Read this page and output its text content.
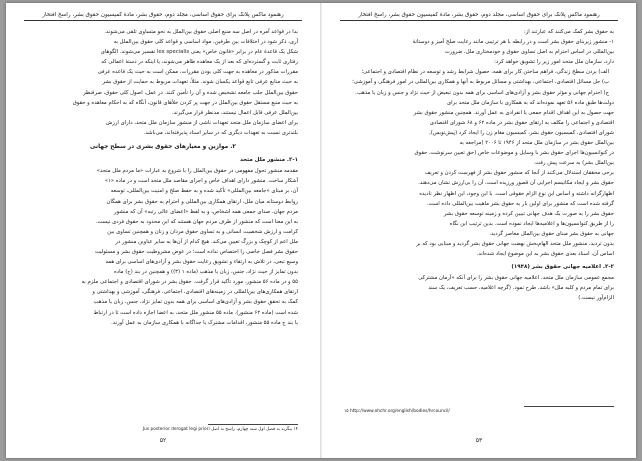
رهنمود ماکس پلانک برای حقوق اساسی، مجلد دوم، حقوق بشر، مادهٔ کمیسیون حقوق بشر، راسخ افتخار

بدا در قواعد آمره در اصل سه منبع اصلی حقوق بین‌الملل به نحو متساوی تلقی می‌شوند.

آری، ذکر شود در اختلافات بین طرفین، مواد اساسی و قواعد کلی حقوق بین‌الملل به

شکل یک قاعدهٔ عام در برابر «قانون خاص» یعنی lex specialis تفسیر می‌شوند. الگوهای

رفتاری ثابت و گسترده‌ای که بعد از یک معاهده ظاهر می‌شوند، یا اینکه در دستهٔ اعمالی که

مقررات مذکور در معاهده به جهت کلی بودن مقررات، ممکن است به حیث یک قاعده عرفی

به حیث منابع عرفی تابع قواعد یکسان شوند. مثلاً، تعهدات مربوط به حمایت از حقوق بشر

حقوق بین‌الملل جلب جامعه تشخیص شده و آن را تأمین کنند. در عمل، اصول کلی حقوق، صرفنظر

به حیث منبع مستقل حقوق بین‌الملل در جهت پر کردن خلأهای قانون، آنگاه که به احکام معاهده و حقوق

بین‌الملل عرفی قابل اعمال نیستند، مدنظر قرار می‌گیرند.

برای اعضای سازمان ملل متحد تعهدات ناشی از منشور سازمان ملل متحد، دارای ارزش

بلندتری نسبت به تعهدات دیگری که در سایر اسناد پذیرفته‌اند، می‌باشد.

۲. موازین و معیارهای حقوق بشری در سطح جهانی

۲-۱. منشور ملل متحد

مقدمه منشور تحول مفهومی در حقوق بین‌الملل را با شروع به عبارات «ما مردم ملل متحد»

آشکار ساخت. منشور دارای اهداف خاص و اجرای مقاصد ملل متحد است و در ماده «۱»

آن، بر مبنای «جامعه بین‌المللی» تأکید شده و به حفظ صلح و امنیت بین‌المللی، توسعه

روابط دوستانه میان ملل، ارتقای همکاری بین‌المللی و احترام به حقوق بشر برای همگان

مردم جهان، صدای جمعی همه اشخاص، و به لفظ «اعضای عالی رتبه» آن که منشور

به این معنا است که منشور از طرف مردم جهان هستند که این محدود به حقوق فردی نیست.

کرامت و ارزش شخصیت انسانی و به تساوی حقوق مردان و زنان و همچنین تساوی بین

ملل اعم از کوچک و بزرگ تعیین می‌کند. هیچ کدام از آن‌ها به سایر عناوین منشور در

حقوق بشر فصل خاصی را اختصاص نداده است؛ در عوض مشروطیت حقوق بشر و مسئولیت

وسیع تبعی، در تلاش به ارتقاء و تشویق رعایت حقوق بشر و آزادی‌های اساسی برای همه

بدون تمایز از حیث نژاد، جنس، زبان یا مذهب (ماده ۱ (۳)) و همچنین در بند (ج) ماده

۵۵ و در ماده ۵۶ منشور، مورد تأکید قرار گرفت. حقوق بشر در شورای اقتصادی و اجتماعی ملزم به

ارتقای همکاری‌های بین‌المللی در زمینه‌های اقتصادی، اجتماعی، فرهنگی، آموزشی و بهداشتی و

کمک به تحقق حقوق بشر و آزادی‌های اساسی برای همه بدون تمایز نژاد، جنس، زبان یا مذهب

شده است (ماده ۶۲ منشور). ماده ۵۵ منشور ملل متحد، به اعضا اجازه داده است تا در ارتباط

با بند ج ماده ۵۵ منشور، اقدامات مشترک یا جداگانه با همکاری سازمان به عمل آورند.

۱۴ بنگرید به فصل اول سند چهارم، راسخ به اصل Jus posterior derogat legi priori
۵۲
رهنمود ماکس پلانک برای حقوق اساسی، مجلد دوم، حقوق بشر، مادهٔ کمیسیون حقوق بشر، راسخ افتخار

به حقوق بشر کمک می‌کنند که عبارتند از:

۱- منشور زیربنای حقوق بشر است و در رابطه با هر ترتیبی مانند رعایت صلح آمیز و دوستانهٔ

بین‌المللی در اساس احترام به اصل تساوی حقوق و خودمختاری ملل، ضرورت

دارد، سازمان ملل متحد امور زیر را تشویق خواهد کرد:

الف) بردن سطح زندگی، فراهم ساختن کار برای همه، حصول شرایط رشد و توسعه در نظام اقتصادی و اجتماعی؛

ب) حل مسائل اقتصادی، اجتماعی، بهداشتی و مسائل مربوط به آنها و همکاری بین‌المللی در امور فرهنگی و آموزشی؛

ج) احترام جهانی و مؤثر حقوق بشر و آزادی‌های اساسی برای همه بدون تبعیض از حیث نژاد و جنس و زبان یا مذهب.

دولت‌ها طبق ماده ۵۶ تعهد نموده‌اند که به همکاری با سازمان ملل متحد برای

جهت حصول به این اهداف اقدام جمعی یا انفرادی به عمل آورند. همچنین منشور حقوق بشر

اقتصادی و اجتماعی را مکلف به ارتقای حقوق بشر در ماده ۶۲ و ۶۸ شورای اقتصادی

شورای اقتصادی، کمیسیون حقوق بشر، کمیسیون مقام زن را ایجاد کرد (پیش‌نویس),

بین‌الملل حقوق بشر در سازمان ملل متحد از ۱۹۴۶ تا ۲۰۰۶ (مراجعه به

در کنوانسیون‌ها اجرای حقوق بشر با وسایل و موضوعات خاص (حق تعیین سرنوشت، حقوق

بین‌الملل بشر) به سرعت پیش رفت.

برخی محققان استدلال می‌کنند از آنجا که منشور حقوق بشر از فهرست کردن و تعریف

حقوق بشر و ایجاد مکانیسم اجرایی آن قصور ورزیده است، آن را بی‌ارزش نشان می‌دهند.

اظهارگرانه داشته و اساس این نوع الزام حقوقی است. با این وجود، این اظهار نظر نادیده

گرفته شده است که منشور برای اولین بار به حقوق بشر ماهیت بین‌المللی داده است.

حقوق بشر را به صورت یک هدف جهانی تبیین کرده و زمینه توسعه حقوق بشر

را از طریق کنوانسیون‌ها و اعلامیه‌ها ایجاد نموده است. بدین ترتیب این نگاه

جهانی به حقوق بشر مبنای حقوق بین‌الملل معاصر گردید.

بدون تردید، منشور ملل متحد الهام‌بخش نهضت جهانی حقوق بشر گردید و مبنایی بود که بر

اساس آن، اسناد بعدی حقوق بشر به این موضوع ایجاد شده‌اند.

۲-۲. اعلامیه جهانی حقوق بشر (۱۹۴۸)

مجمع عمومی سازمان ملل متحد، اعلامیه جهانی حقوق بشر را برای آنکه «آرمان مشترکی

برای تمام مردم و کلیه ملل» باشد، طرح نمود. (گرچه اعلامیه، حسب تعریف، یک سند

الزام‌آور نیست.)

۱۵ http://www.ohchr.org/english/bodies/hrcouncil/
۵۳
